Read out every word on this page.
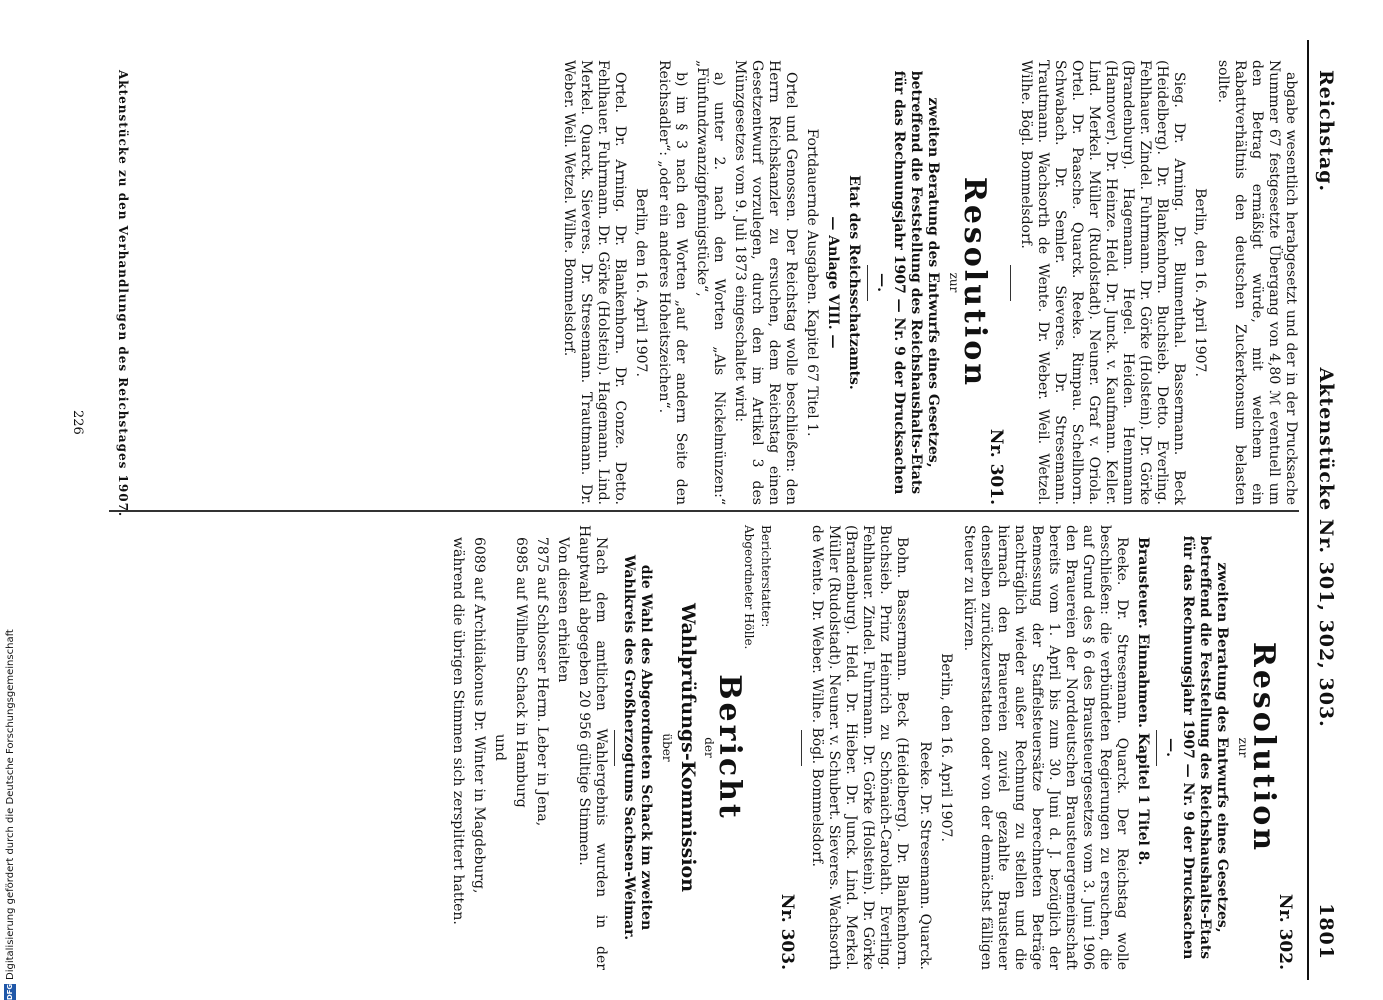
Reichstag.
Aktenstücke Nr. 301, 302, 303.
1801
abgabe wesentlich herabgesetzt und der in der Drucksache Nummer 67 festgesetzte Übergang von 4,80 ℳ eventuell um den Betrag ermäßigt würde, mit welchem ein Rabattverhältnis den deutschen Zuckerkonsum belasten sollte.
Berlin, den 16. April 1907.
Sieg. Dr. Arning. Dr. Blumenthal. Bassermann. Beck (Heidelberg). Dr. Blankenhorn. Buchsieb. Detto. Everling. Fehlhauer. Zindel. Fuhrmann. Dr. Görke (Holstein). Dr. Görke (Brandenburg). Hagemann. Hegel. Heiden. Hennmann (Hannover). Dr. Heinze. Held. Dr. Junck. v. Kaufmann. Keller. Lind. Merkel. Müller (Rudolstadt). Neuner. Graf v. Oriola. Ortel. Dr. Paasche. Quarck. Reeke. Rimpau. Schellhorn. Schwabach. Dr. Semler. Sieveres. Dr. Stresemann. Trautmann. Wachsorth de Wente. Dr. Weber. Weil. Wetzel. Wilhe. Bögl. Bommelsdorf.
Nr. 301.
Resolution
zur
zweiten Beratung des Entwurfs eines Gesetzes, betreffend die Feststellung des Reichshaushalts-Etats für das Rechnungsjahr 1907 — Nr. 9 der Drucksachen —.
Etat des Reichsschatzamts.
— Anlage VIII. —
Fortdauernde Ausgaben. Kapitel 67 Titel 1.
Ortel und Genossen. Der Reichstag wolle beschließen: den Herrn Reichskanzler zu ersuchen, dem Reichstag einen Gesetzentwurf vorzulegen, durch den im Artikel 3 des Münzgesetzes vom 9. Juli 1873 eingeschaltet wird:
a) unter 2. nach den Worten „Als Nickelmünzen:“ „Fünfundzwanzigpfennigstücke“,
b) im § 3 nach den Worten „auf der andern Seite den Reichsadler“: „oder ein anderes Hoheitszeichen“.
Berlin, den 16. April 1907.
Ortel. Dr. Arning. Dr. Blankenhorn. Dr. Conze. Detto. Fehlhauer. Fuhrmann. Dr. Görke (Holstein). Hagemann. Lind. Merkel. Quarck. Sieveres. Dr. Stresemann. Trautmann. Dr. Weber. Weil. Wetzel. Wilhe. Bommelsdorf.
Nr. 302.
Resolution
zur
zweiten Beratung des Entwurfs eines Gesetzes, betreffend die Feststellung des Reichshaushalts-Etats für das Rechnungsjahr 1907 — Nr. 9 der Drucksachen —.
Brausteuer. Einnahmen. Kapitel 1 Titel 8.
Reeke. Dr. Stresemann. Quarck. Der Reichstag wolle beschließen: die verbündeten Regierungen zu ersuchen, die auf Grund des § 6 des Brausteuergesetzes vom 3. Juni 1906 den Brauereien der Norddeutschen Brausteuergemeinschaft bereits vom 1. April bis zum 30. Juni d. J. bezüglich der Bemessung der Staffelsteuersätze berechneten Beträge nachträglich wieder außer Rechnung zu stellen und die hiernach den Brauereien zuviel gezahlte Brausteuer denselben zurückzuerstatten oder von der demnächst fälligen Steuer zu kürzen.
Berlin, den 16. April 1907.
Reeke. Dr. Stresemann. Quarck.
Bohn. Bassermann. Beck (Heidelberg). Dr. Blankenhorn. Buchsieb. Prinz Heinrich zu Schönaich-Carolath. Everling. Fehlhauer. Zindel. Fuhrmann. Dr. Görke (Holstein). Dr. Görke (Brandenburg). Held. Dr. Hieber. Dr. Junck. Lind. Merkel. Müller (Rudolstadt). Neuner. v. Schubert. Sieveres. Wachsorth de Wente. Dr. Weber. Wilhe. Bögl. Bommelsdorf.
Nr. 303.
Berichterstatter:
Abgeordneter Hölle.
Bericht
der
Wahlprüfungs-Kommission
über
die Wahl des Abgeordneten Schack im zweiten Wahlkreis des Großherzogtums Sachsen-Weimar.
Nach dem amtlichen Wahlergebnis wurden in der Hauptwahl abgegeben 20 956 gültige Stimmen.
Von diesen erhielten
7875 auf Schlosser Herm. Leber in Jena,
6985 auf Wilhelm Schack in Hamburg
und
6089 auf Archidiakonus Dr. Winter in Magdeburg,
während die übrigen Stimmen sich zersplittert hatten.
Aktenstücke zu den Verhandlungen des Reichstages 1907.
226
DFG
Digitalisierung gefördert durch die Deutsche Forschungsgemeinschaft
